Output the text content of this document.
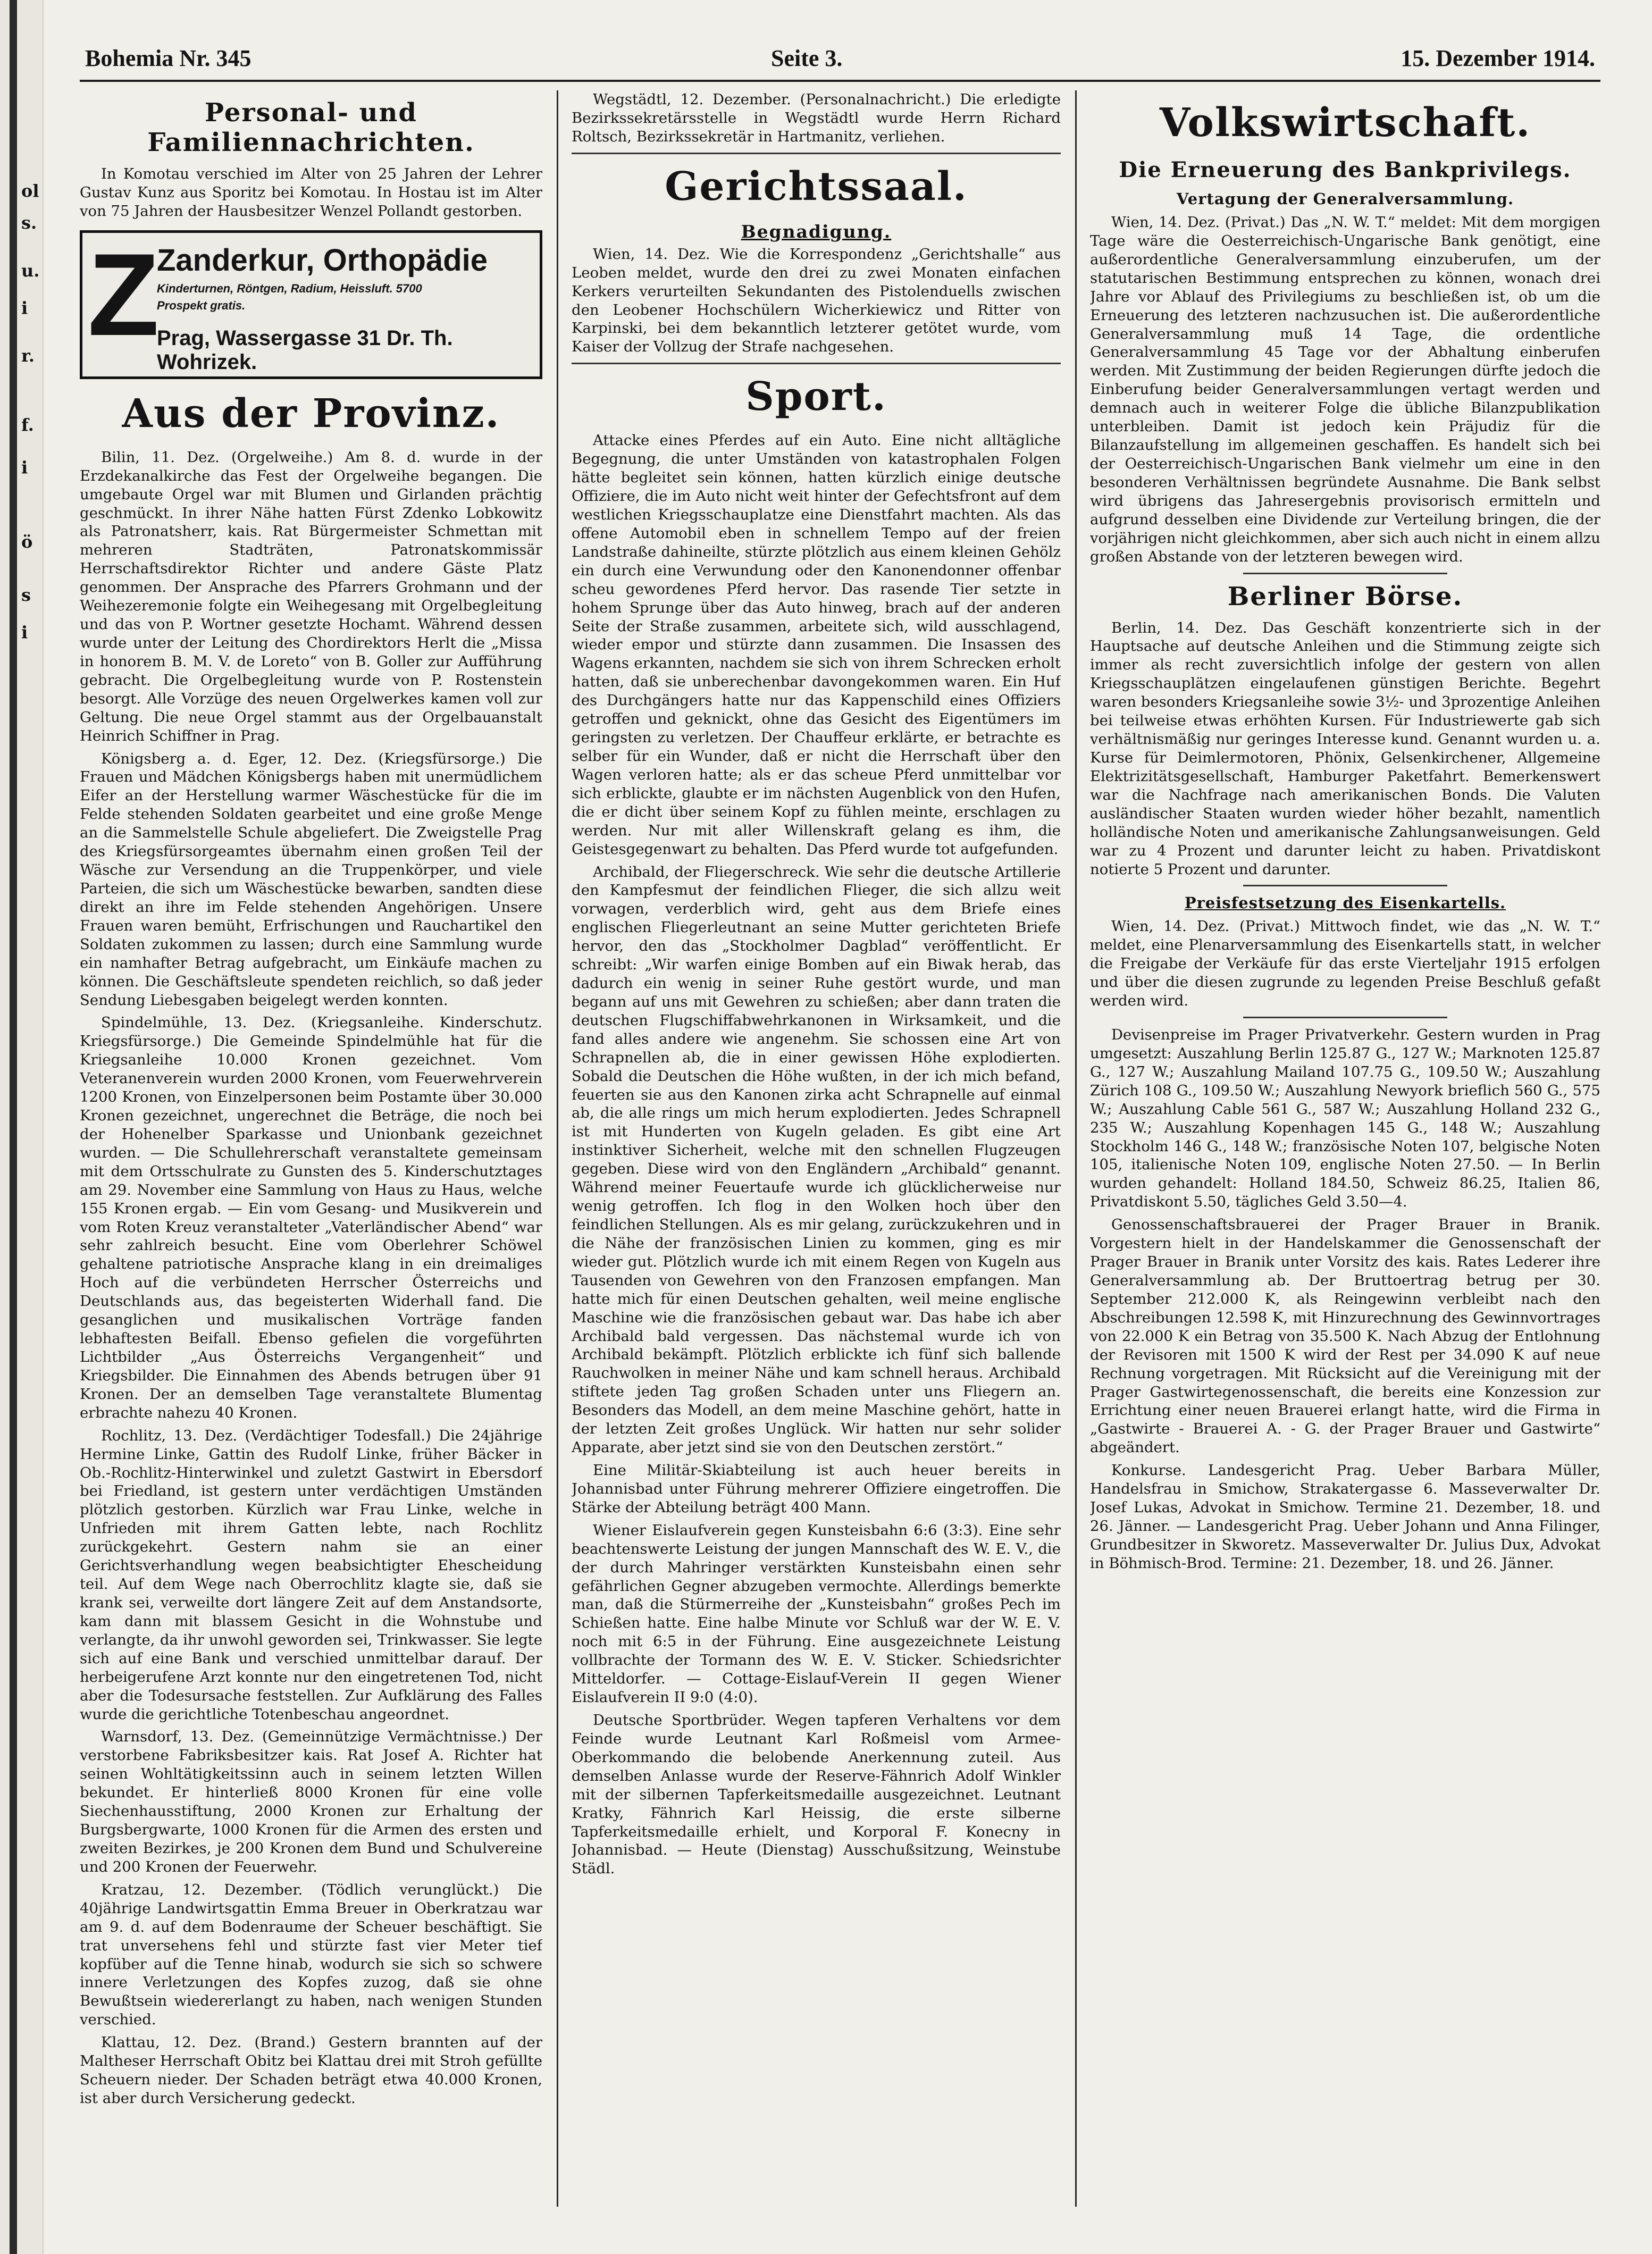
ol
s.
u.
i
r.
f.
i
ö
s
i
Bohemia Nr. 345	Seite 3.	15. Dezember 1914.
Personal- und Familiennachrichten.

In Komotau verschied im Alter von 25 Jahren der Lehrer Gustav Kunz aus Sporitz bei Komotau. In Hostau ist im Alter von 75 Jahren der Hausbesitzer Wenzel Pollandt gestorben.

Z
Zanderkur, Orthopädie
Kinderturnen, Röntgen, Radium, Heissluft. 5700
Prospekt gratis.
Prag, Wassergasse 31 Dr. Th. Wohrizek.
Aus der Provinz.

Bilin, 11. Dez. (Orgelweihe.) Am 8. d. wurde in der Erzdekanalkirche das Fest der Orgelweihe begangen. Die umgebaute Orgel war mit Blumen und Girlanden prächtig geschmückt. In ihrer Nähe hatten Fürst Zdenko Lobkowitz als Patronatsherr, kais. Rat Bürgermeister Schmettan mit mehreren Stadträten, Patronatskommissär Herrschaftsdirektor Richter und andere Gäste Platz genommen. Der Ansprache des Pfarrers Grohmann und der Weihezeremonie folgte ein Weihegesang mit Orgelbegleitung und das von P. Wortner gesetzte Hochamt. Während dessen wurde unter der Leitung des Chordirektors Herlt die „Missa in honorem B. M. V. de Loreto“ von B. Goller zur Aufführung gebracht. Die Orgelbegleitung wurde von P. Rostenstein besorgt. Alle Vorzüge des neuen Orgelwerkes kamen voll zur Geltung. Die neue Orgel stammt aus der Orgelbauanstalt Heinrich Schiffner in Prag.

Königsberg a. d. Eger, 12. Dez. (Kriegsfürsorge.) Die Frauen und Mädchen Königsbergs haben mit unermüdlichem Eifer an der Herstellung warmer Wäschestücke für die im Felde stehenden Soldaten gearbeitet und eine große Menge an die Sammelstelle Schule abgeliefert. Die Zweigstelle Prag des Kriegsfürsorgeamtes übernahm einen großen Teil der Wäsche zur Versendung an die Truppenkörper, und viele Parteien, die sich um Wäschestücke bewarben, sandten diese direkt an ihre im Felde stehenden Angehörigen. Unsere Frauen waren bemüht, Erfrischungen und Rauchartikel den Soldaten zukommen zu lassen; durch eine Sammlung wurde ein namhafter Betrag aufgebracht, um Einkäufe machen zu können. Die Geschäftsleute spendeten reichlich, so daß jeder Sendung Liebesgaben beigelegt werden konnten.

Spindelmühle, 13. Dez. (Kriegsanleihe. Kinderschutz. Kriegsfürsorge.) Die Gemeinde Spindelmühle hat für die Kriegsanleihe 10.000 Kronen gezeichnet. Vom Veteranenverein wurden 2000 Kronen, vom Feuerwehrverein 1200 Kronen, von Einzelpersonen beim Postamte über 30.000 Kronen gezeichnet, ungerechnet die Beträge, die noch bei der Hohenelber Sparkasse und Unionbank gezeichnet wurden. — Die Schullehrerschaft veranstaltete gemeinsam mit dem Ortsschulrate zu Gunsten des 5. Kinderschutztages am 29. November eine Sammlung von Haus zu Haus, welche 155 Kronen ergab. — Ein vom Gesang- und Musikverein und vom Roten Kreuz veranstalteter „Vaterländischer Abend“ war sehr zahlreich besucht. Eine vom Oberlehrer Schöwel gehaltene patriotische Ansprache klang in ein dreimaliges Hoch auf die verbündeten Herrscher Österreichs und Deutschlands aus, das begeisterten Widerhall fand. Die gesanglichen und musikalischen Vorträge fanden lebhaftesten Beifall. Ebenso gefielen die vorgeführten Lichtbilder „Aus Österreichs Vergangenheit“ und Kriegsbilder. Die Einnahmen des Abends betrugen über 91 Kronen. Der an demselben Tage veranstaltete Blumentag erbrachte nahezu 40 Kronen.

Rochlitz, 13. Dez. (Verdächtiger Todesfall.) Die 24jährige Hermine Linke, Gattin des Rudolf Linke, früher Bäcker in Ob.-Rochlitz-Hinterwinkel und zuletzt Gastwirt in Ebersdorf bei Friedland, ist gestern unter verdächtigen Umständen plötzlich gestorben. Kürzlich war Frau Linke, welche in Unfrieden mit ihrem Gatten lebte, nach Rochlitz zurückgekehrt. Gestern nahm sie an einer Gerichtsverhandlung wegen beabsichtigter Ehescheidung teil. Auf dem Wege nach Oberrochlitz klagte sie, daß sie krank sei, verweilte dort längere Zeit auf dem Anstandsorte, kam dann mit blassem Gesicht in die Wohnstube und verlangte, da ihr unwohl geworden sei, Trinkwasser. Sie legte sich auf eine Bank und verschied unmittelbar darauf. Der herbeigerufene Arzt konnte nur den eingetretenen Tod, nicht aber die Todesursache feststellen. Zur Aufklärung des Falles wurde die gerichtliche Totenbeschau angeordnet.

Warnsdorf, 13. Dez. (Gemeinnützige Vermächtnisse.) Der verstorbene Fabriksbesitzer kais. Rat Josef A. Richter hat seinen Wohltätigkeitssinn auch in seinem letzten Willen bekundet. Er hinterließ 8000 Kronen für eine volle Siechenhausstiftung, 2000 Kronen zur Erhaltung der Burgsbergwarte, 1000 Kronen für die Armen des ersten und zweiten Bezirkes, je 200 Kronen dem Bund und Schulvereine und 200 Kronen der Feuerwehr.

Kratzau, 12. Dezember. (Tödlich verunglückt.) Die 40jährige Landwirtsgattin Emma Breuer in Oberkratzau war am 9. d. auf dem Bodenraume der Scheuer beschäftigt. Sie trat unversehens fehl und stürzte fast vier Meter tief kopfüber auf die Tenne hinab, wodurch sie sich so schwere innere Verletzungen des Kopfes zuzog, daß sie ohne Bewußtsein wiedererlangt zu haben, nach wenigen Stunden verschied.

Klattau, 12. Dez. (Brand.) Gestern brannten auf der Maltheser Herrschaft Obitz bei Klattau drei mit Stroh gefüllte Scheuern nieder. Der Schaden beträgt etwa 40.000 Kronen, ist aber durch Versicherung gedeckt.

Wegstädtl, 12. Dezember. (Personalnachricht.) Die erledigte Bezirkssekretärsstelle in Wegstädtl wurde Herrn Richard Roltsch, Bezirkssekretär in Hartmanitz, verliehen.

Gerichtssaal.
Begnadigung.

Wien, 14. Dez. Wie die Korrespondenz „Gerichtshalle“ aus Leoben meldet, wurde den drei zu zwei Monaten einfachen Kerkers verurteilten Sekundanten des Pistolenduells zwischen den Leobener Hochschülern Wicherkiewicz und Ritter von Karpinski, bei dem bekanntlich letzterer getötet wurde, vom Kaiser der Vollzug der Strafe nachgesehen.

Sport.

Attacke eines Pferdes auf ein Auto. Eine nicht alltägliche Begegnung, die unter Umständen von katastrophalen Folgen hätte begleitet sein können, hatten kürzlich einige deutsche Offiziere, die im Auto nicht weit hinter der Gefechtsfront auf dem westlichen Kriegsschauplatze eine Dienstfahrt machten. Als das offene Automobil eben in schnellem Tempo auf der freien Landstraße dahineilte, stürzte plötzlich aus einem kleinen Gehölz ein durch eine Verwundung oder den Kanonendonner offenbar scheu gewordenes Pferd hervor. Das rasende Tier setzte in hohem Sprunge über das Auto hinweg, brach auf der anderen Seite der Straße zusammen, arbeitete sich, wild ausschlagend, wieder empor und stürzte dann zusammen. Die Insassen des Wagens erkannten, nachdem sie sich von ihrem Schrecken erholt hatten, daß sie unberechenbar davongekommen waren. Ein Huf des Durchgängers hatte nur das Kappenschild eines Offiziers getroffen und geknickt, ohne das Gesicht des Eigentümers im geringsten zu verletzen. Der Chauffeur erklärte, er betrachte es selber für ein Wunder, daß er nicht die Herrschaft über den Wagen verloren hatte; als er das scheue Pferd unmittelbar vor sich erblickte, glaubte er im nächsten Augenblick von den Hufen, die er dicht über seinem Kopf zu fühlen meinte, erschlagen zu werden. Nur mit aller Willenskraft gelang es ihm, die Geistesgegenwart zu behalten. Das Pferd wurde tot aufgefunden.

Archibald, der Fliegerschreck. Wie sehr die deutsche Artillerie den Kampfesmut der feindlichen Flieger, die sich allzu weit vorwagen, verderblich wird, geht aus dem Briefe eines englischen Fliegerleutnant an seine Mutter gerichteten Briefe hervor, den das „Stockholmer Dagblad“ veröffentlicht. Er schreibt: „Wir warfen einige Bomben auf ein Biwak herab, das dadurch ein wenig in seiner Ruhe gestört wurde, und man begann auf uns mit Gewehren zu schießen; aber dann traten die deutschen Flugschiffabwehrkanonen in Wirksamkeit, und die fand alles andere wie angenehm. Sie schossen eine Art von Schrapnellen ab, die in einer gewissen Höhe explodierten. Sobald die Deutschen die Höhe wußten, in der ich mich befand, feuerten sie aus den Kanonen zirka acht Schrapnelle auf einmal ab, die alle rings um mich herum explodierten. Jedes Schrapnell ist mit Hunderten von Kugeln geladen. Es gibt eine Art instinktiver Sicherheit, welche mit den schnellen Flugzeugen gegeben. Diese wird von den Engländern „Archibald“ genannt. Während meiner Feuertaufe wurde ich glücklicherweise nur wenig getroffen. Ich flog in den Wolken hoch über den feindlichen Stellungen. Als es mir gelang, zurückzukehren und in die Nähe der französischen Linien zu kommen, ging es mir wieder gut. Plötzlich wurde ich mit einem Regen von Kugeln aus Tausenden von Gewehren von den Franzosen empfangen. Man hatte mich für einen Deutschen gehalten, weil meine englische Maschine wie die französischen gebaut war. Das habe ich aber Archibald bald vergessen. Das nächstemal wurde ich von Archibald bekämpft. Plötzlich erblickte ich fünf sich ballende Rauchwolken in meiner Nähe und kam schnell heraus. Archibald stiftete jeden Tag großen Schaden unter uns Fliegern an. Besonders das Modell, an dem meine Maschine gehört, hatte in der letzten Zeit großes Unglück. Wir hatten nur sehr solider Apparate, aber jetzt sind sie von den Deutschen zerstört.“

Eine Militär-Skiabteilung ist auch heuer bereits in Johannisbad unter Führung mehrerer Offiziere eingetroffen. Die Stärke der Abteilung beträgt 400 Mann.

Wiener Eislaufverein gegen Kunsteisbahn 6:6 (3:3). Eine sehr beachtenswerte Leistung der jungen Mannschaft des W. E. V., die der durch Mahringer verstärkten Kunsteisbahn einen sehr gefährlichen Gegner abzugeben vermochte. Allerdings bemerkte man, daß die Stürmerreihe der „Kunsteisbahn“ großes Pech im Schießen hatte. Eine halbe Minute vor Schluß war der W. E. V. noch mit 6:5 in der Führung. Eine ausgezeichnete Leistung vollbrachte der Tormann des W. E. V. Sticker. Schiedsrichter Mitteldorfer. — Cottage-Eislauf-Verein II gegen Wiener Eislaufverein II 9:0 (4:0).

Deutsche Sportbrüder. Wegen tapferen Verhaltens vor dem Feinde wurde Leutnant Karl Roßmeisl vom Armee-Oberkommando die belobende Anerkennung zuteil. Aus demselben Anlasse wurde der Reserve-Fähnrich Adolf Winkler mit der silbernen Tapferkeitsmedaille ausgezeichnet. Leutnant Kratky, Fähnrich Karl Heissig, die erste silberne Tapferkeitsmedaille erhielt, und Korporal F. Konecny in Johannisbad. — Heute (Dienstag) Ausschußsitzung, Weinstube Städl.

Volkswirtschaft.
Die Erneuerung des Bankprivilegs.
Vertagung der Generalversammlung.

Wien, 14. Dez. (Privat.) Das „N. W. T.“ meldet: Mit dem morgigen Tage wäre die Oesterreichisch-Ungarische Bank genötigt, eine außerordentliche Generalversammlung einzuberufen, um der statutarischen Bestimmung entsprechen zu können, wonach drei Jahre vor Ablauf des Privilegiums zu beschließen ist, ob um die Erneuerung des letzteren nachzusuchen ist. Die außerordentliche Generalversammlung muß 14 Tage, die ordentliche Generalversammlung 45 Tage vor der Abhaltung einberufen werden. Mit Zustimmung der beiden Regierungen dürfte jedoch die Einberufung beider Generalversammlungen vertagt werden und demnach auch in weiterer Folge die übliche Bilanzpublikation unterbleiben. Damit ist jedoch kein Präjudiz für die Bilanzaufstellung im allgemeinen geschaffen. Es handelt sich bei der Oesterreichisch-Ungarischen Bank vielmehr um eine in den besonderen Verhältnissen begründete Ausnahme. Die Bank selbst wird übrigens das Jahresergebnis provisorisch ermitteln und aufgrund desselben eine Dividende zur Verteilung bringen, die der vorjährigen nicht gleichkommen, aber sich auch nicht in einem allzu großen Abstande von der letzteren bewegen wird.

Berliner Börse.

Berlin, 14. Dez. Das Geschäft konzentrierte sich in der Hauptsache auf deutsche Anleihen und die Stimmung zeigte sich immer als recht zuversichtlich infolge der gestern von allen Kriegsschauplätzen eingelaufenen günstigen Berichte. Begehrt waren besonders Kriegsanleihe sowie 3½- und 3prozentige Anleihen bei teilweise etwas erhöhten Kursen. Für Industriewerte gab sich verhältnismäßig nur geringes Interesse kund. Genannt wurden u. a. Kurse für Deimlermotoren, Phönix, Gelsenkirchener, Allgemeine Elektrizitätsgesellschaft, Hamburger Paketfahrt. Bemerkenswert war die Nachfrage nach amerikanischen Bonds. Die Valuten ausländischer Staaten wurden wieder höher bezahlt, namentlich holländische Noten und amerikanische Zahlungsanweisungen. Geld war zu 4 Prozent und darunter leicht zu haben. Privatdiskont notierte 5 Prozent und darunter.

Preisfestsetzung des Eisenkartells.

Wien, 14. Dez. (Privat.) Mittwoch findet, wie das „N. W. T.“ meldet, eine Plenarversammlung des Eisenkartells statt, in welcher die Freigabe der Verkäufe für das erste Vierteljahr 1915 erfolgen und über die diesen zugrunde zu legenden Preise Beschluß gefaßt werden wird.

Devisenpreise im Prager Privatverkehr. Gestern wurden in Prag umgesetzt: Auszahlung Berlin 125.87 G., 127 W.; Marknoten 125.87 G., 127 W.; Auszahlung Mailand 107.75 G., 109.50 W.; Auszahlung Zürich 108 G., 109.50 W.; Auszahlung Newyork brieflich 560 G., 575 W.; Auszahlung Cable 561 G., 587 W.; Auszahlung Holland 232 G., 235 W.; Auszahlung Kopenhagen 145 G., 148 W.; Auszahlung Stockholm 146 G., 148 W.; französische Noten 107, belgische Noten 105, italienische Noten 109, englische Noten 27.50. — In Berlin wurden gehandelt: Holland 184.50, Schweiz 86.25, Italien 86, Privatdiskont 5.50, tägliches Geld 3.50—4.

Genossenschaftsbrauerei der Prager Brauer in Branik. Vorgestern hielt in der Handelskammer die Genossenschaft der Prager Brauer in Branik unter Vorsitz des kais. Rates Lederer ihre Generalversammlung ab. Der Bruttoertrag betrug per 30. September 212.000 K, als Reingewinn verbleibt nach den Abschreibungen 12.598 K, mit Hinzurechnung des Gewinnvortrages von 22.000 K ein Betrag von 35.500 K. Nach Abzug der Entlohnung der Revisoren mit 1500 K wird der Rest per 34.090 K auf neue Rechnung vorgetragen. Mit Rücksicht auf die Vereinigung mit der Prager Gastwirtegenossenschaft, die bereits eine Konzession zur Errichtung einer neuen Brauerei erlangt hatte, wird die Firma in „Gastwirte - Brauerei A. - G. der Prager Brauer und Gastwirte“ abgeändert.

Konkurse. Landesgericht Prag. Ueber Barbara Müller, Handelsfrau in Smichow, Strakatergasse 6. Masseverwalter Dr. Josef Lukas, Advokat in Smichow. Termine 21. Dezember, 18. und 26. Jänner. — Landesgericht Prag. Ueber Johann und Anna Filinger, Grundbesitzer in Skworetz. Masseverwalter Dr. Julius Dux, Advokat in Böhmisch-Brod. Termine: 21. Dezember, 18. und 26. Jänner.
